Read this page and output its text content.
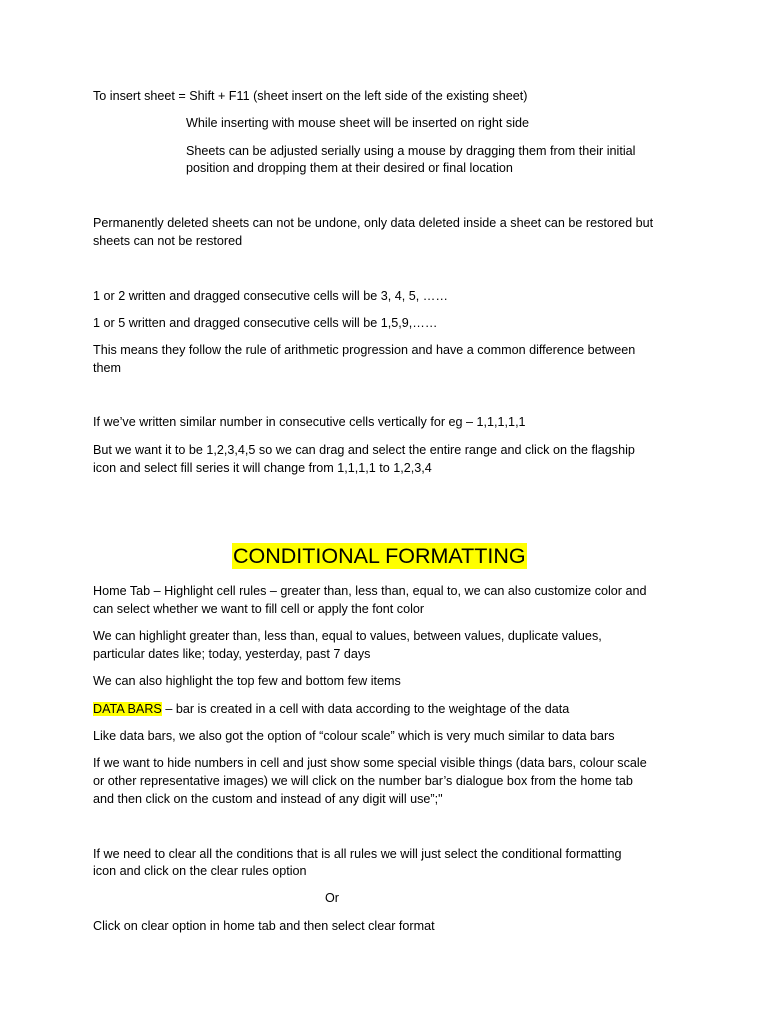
To insert sheet = Shift + F11 (sheet insert on the left side of the existing sheet)
While inserting with mouse sheet will be inserted on right side
Sheets can be adjusted serially using a mouse by dragging them from their initial
position and dropping them at their desired or final location
Permanently deleted sheets can not be undone, only data deleted inside a sheet can be restored but
sheets can not be restored
1 or 2 written and dragged consecutive cells will be 3, 4, 5, ……
1 or 5 written and dragged consecutive cells will be 1,5,9,……
This means they follow the rule of arithmetic progression and have a common difference between
them
If we’ve written similar number in consecutive cells vertically for eg – 1,1,1,1,1
But we want it to be 1,2,3,4,5 so we can drag and select the entire range and click on the flagship
icon and select fill series it will change from 1,1,1,1 to 1,2,3,4
CONDITIONAL FORMATTING
Home Tab – Highlight cell rules – greater than, less than, equal to, we can also customize color and
can select whether we want to fill cell or apply the font color
We can highlight greater than, less than, equal to values, between values, duplicate values,
particular dates like; today, yesterday, past 7 days
We can also highlight the top few and bottom few items
DATA BARS – bar is created in a cell with data according to the weightage of the data
Like data bars, we also got the option of “colour scale” which is very much similar to data bars
If we want to hide numbers in cell and just show some special visible things (data bars, colour scale
or other representative images) we will click on the number bar’s dialogue box from the home tab
and then click on the custom and instead of any digit will use”;"
If we need to clear all the conditions that is all rules we will just select the conditional formatting
icon and click on the clear rules option
Or
Click on clear option in home tab and then select clear format
